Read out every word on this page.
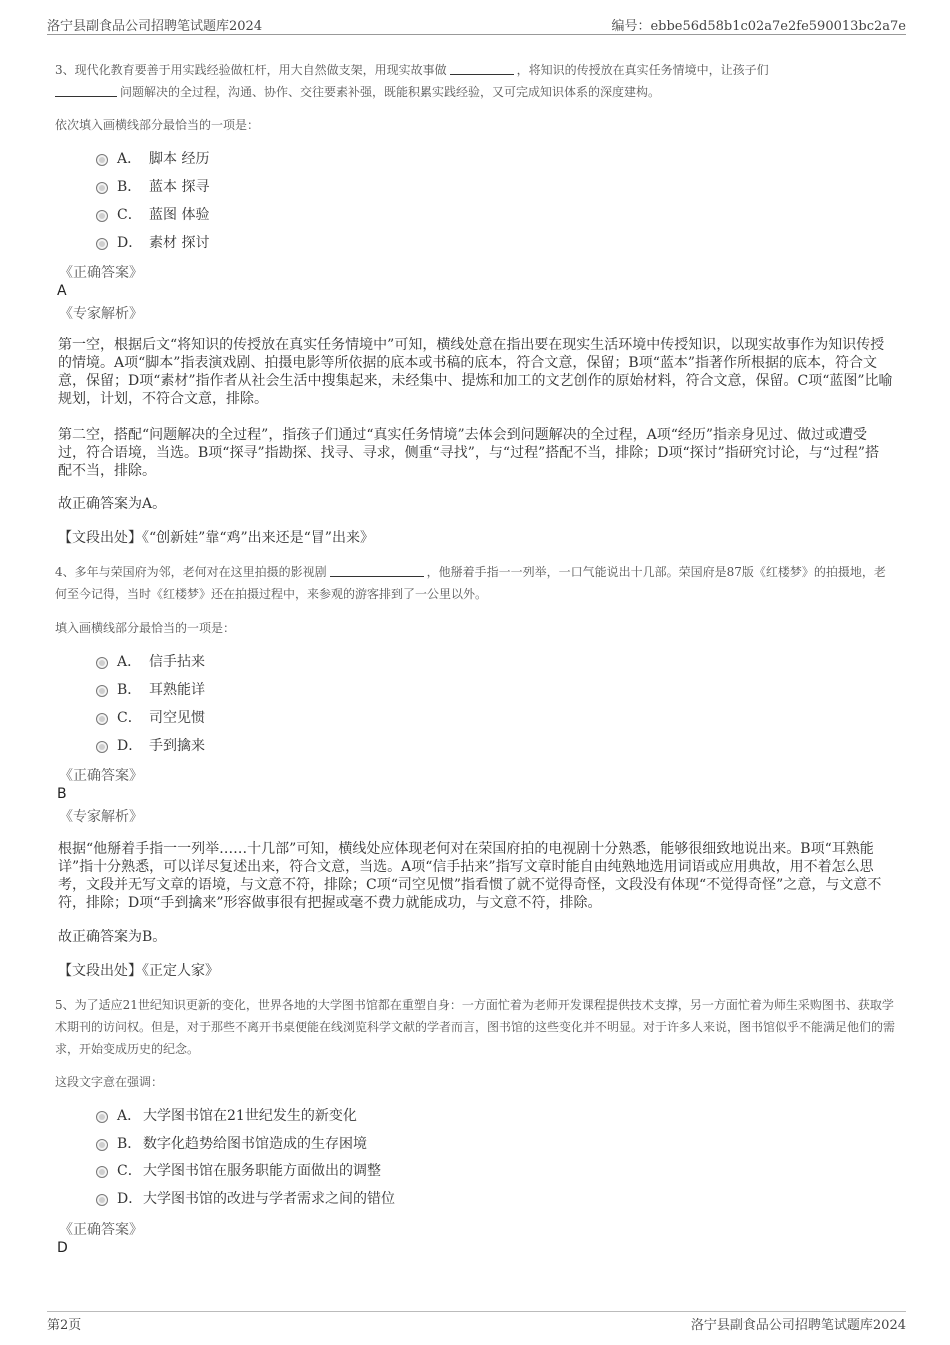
洛宁县副食品公司招聘笔试题库2024	编号：ebbe56d58b1c02a7e2fe590013bc2a7e
3、现代化教育要善于用实践经验做杠杆，用大自然做支架，用现实故事做	，将知识的传授放在真实任务情境中，让孩子们
问题解决的全过程，沟通、协作、交往要素补强，既能积累实践经验，又可完成知识体系的深度建构。
依次填入画横线部分最恰当的一项是：
A． 脚本 经历
B． 蓝本 探寻
C． 蓝图 体验
D． 素材 探讨
《正确答案》
A
《专家解析》
第一空，根据后文“将知识的传授放在真实任务情境中”可知，横线处意在指出要在现实生活环境中传授知识，以现实故事作为知识传授的情境。A项“脚本”指表演戏剧、拍摄电影等所依据的底本或书稿的底本，符合文意，保留；B项“蓝本”指著作所根据的底本，符合文意，保留；D项“素材”指作者从社会生活中搜集起来，未经集中、提炼和加工的文艺创作的原始材料，符合文意，保留。C项“蓝图”比喻规划，计划，不符合文意，排除。
第二空，搭配“问题解决的全过程”，指孩子们通过“真实任务情境”去体会到问题解决的全过程，A项“经历”指亲身见过、做过或遭受过，符合语境，当选。B项“探寻”指勘探、找寻、寻求，侧重“寻找”，与“过程”搭配不当，排除；D项“探讨”指研究讨论，与“过程”搭配不当，排除。
故正确答案为A。
【文段出处】《“创新娃”靠“鸡”出来还是“冒”出来》
4、多年与荣国府为邻，老何对在这里拍摄的影视剧	，他掰着手指一一列举，一口气能说出十几部。荣国府是87版《红楼梦》的拍摄地，老何至今记得，当时《红楼梦》还在拍摄过程中，来参观的游客排到了一公里以外。
填入画横线部分最恰当的一项是：
A． 信手拈来
B． 耳熟能详
C． 司空见惯
D． 手到擒来
《正确答案》
B
《专家解析》
根据“他掰着手指一一列举……十几部”可知，横线处应体现老何对在荣国府拍的电视剧十分熟悉，能够很细致地说出来。B项“耳熟能详”指十分熟悉，可以详尽复述出来，符合文意，当选。A项“信手拈来”指写文章时能自由纯熟地选用词语或应用典故，用不着怎么思考，文段并无写文章的语境，与文意不符，排除；C项“司空见惯”指看惯了就不觉得奇怪，文段没有体现“不觉得奇怪”之意，与文意不符，排除；D项“手到擒来”形容做事很有把握或毫不费力就能成功，与文意不符，排除。
故正确答案为B。
【文段出处】《正定人家》
5、为了适应21世纪知识更新的变化，世界各地的大学图书馆都在重塑自身：一方面忙着为老师开发课程提供技术支撑，另一方面忙着为师生采购图书、获取学术期刊的访问权。但是，对于那些不离开书桌便能在线浏览科学文献的学者而言，图书馆的这些变化并不明显。对于许多人来说，图书馆似乎不能满足他们的需求，开始变成历史的纪念。
这段文字意在强调：
A． 大学图书馆在21世纪发生的新变化
B． 数字化趋势给图书馆造成的生存困境
C．大学图书馆在服务职能方面做出的调整
D．大学图书馆的改进与学者需求之间的错位
《正确答案》
D
第2页	洛宁县副食品公司招聘笔试题库2024
